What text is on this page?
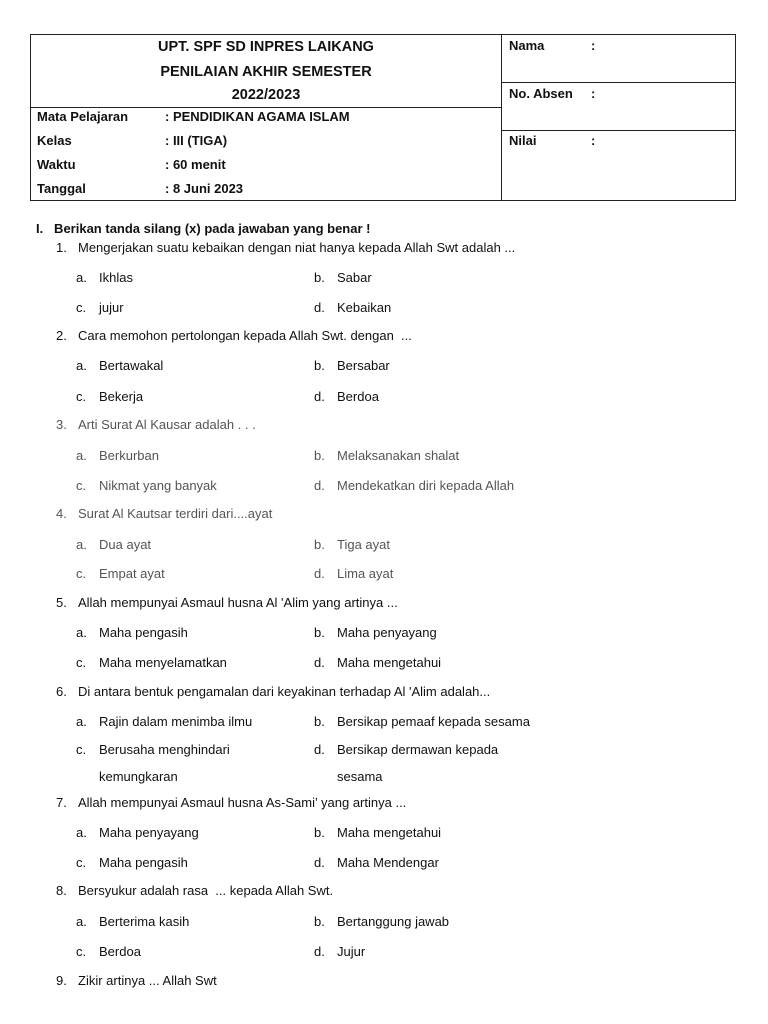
UPT. SPF SD INPRES LAIKANG
PENILAIAN AKHIR SEMESTER
2022/2023
Mata Pelajaran	: PENDIDIKAN AGAMA ISLAM
Kelas	: III (TIGA)
Waktu	: 60 menit
Tanggal	: 8 Juni 2023
Nama	:
No. Absen :
Nilai	:
I.   Berikan tanda silang (x) pada jawaban yang benar !
1. Mengerjakan suatu kebaikan dengan niat hanya kepada Allah Swt adalah ...
a. Ikhlas	b. Sabar
c. jujur	d. Kebaikan
2. Cara memohon pertolongan kepada Allah Swt. dengan  ...
a. Bertawakal	b. Bersabar
c. Bekerja	d. Berdoa
3. Arti Surat Al Kausar adalah . . .
a. Berkurban	b. Melaksanakan shalat
c. Nikmat yang banyak	d. Mendekatkan diri kepada Allah
4. Surat Al Kautsar terdiri dari....ayat
a. Dua ayat	b. Tiga ayat
c. Empat ayat	d. Lima ayat
5. Allah mempunyai Asmaul husna Al 'Alim yang artinya ...
a. Maha pengasih	b. Maha penyayang
c. Maha menyelamatkan	d. Maha mengetahui
6. Di antara bentuk pengamalan dari keyakinan terhadap Al 'Alim adalah...
a. Rajin dalam menimba ilmu	b. Bersikap pemaaf kepada sesama
c. Berusaha menghindari
kemungkaran
d. Bersikap dermawan kepada
sesama
7. Allah mempunyai Asmaul husna As-Sami’ yang artinya ...
a. Maha penyayang	b. Maha mengetahui
c. Maha pengasih	d. Maha Mendengar
8. Bersyukur adalah rasa  ... kepada Allah Swt.
a. Berterima kasih	b. Bertanggung jawab
c. Berdoa	d. Jujur
9. Zikir artinya ... Allah Swt
